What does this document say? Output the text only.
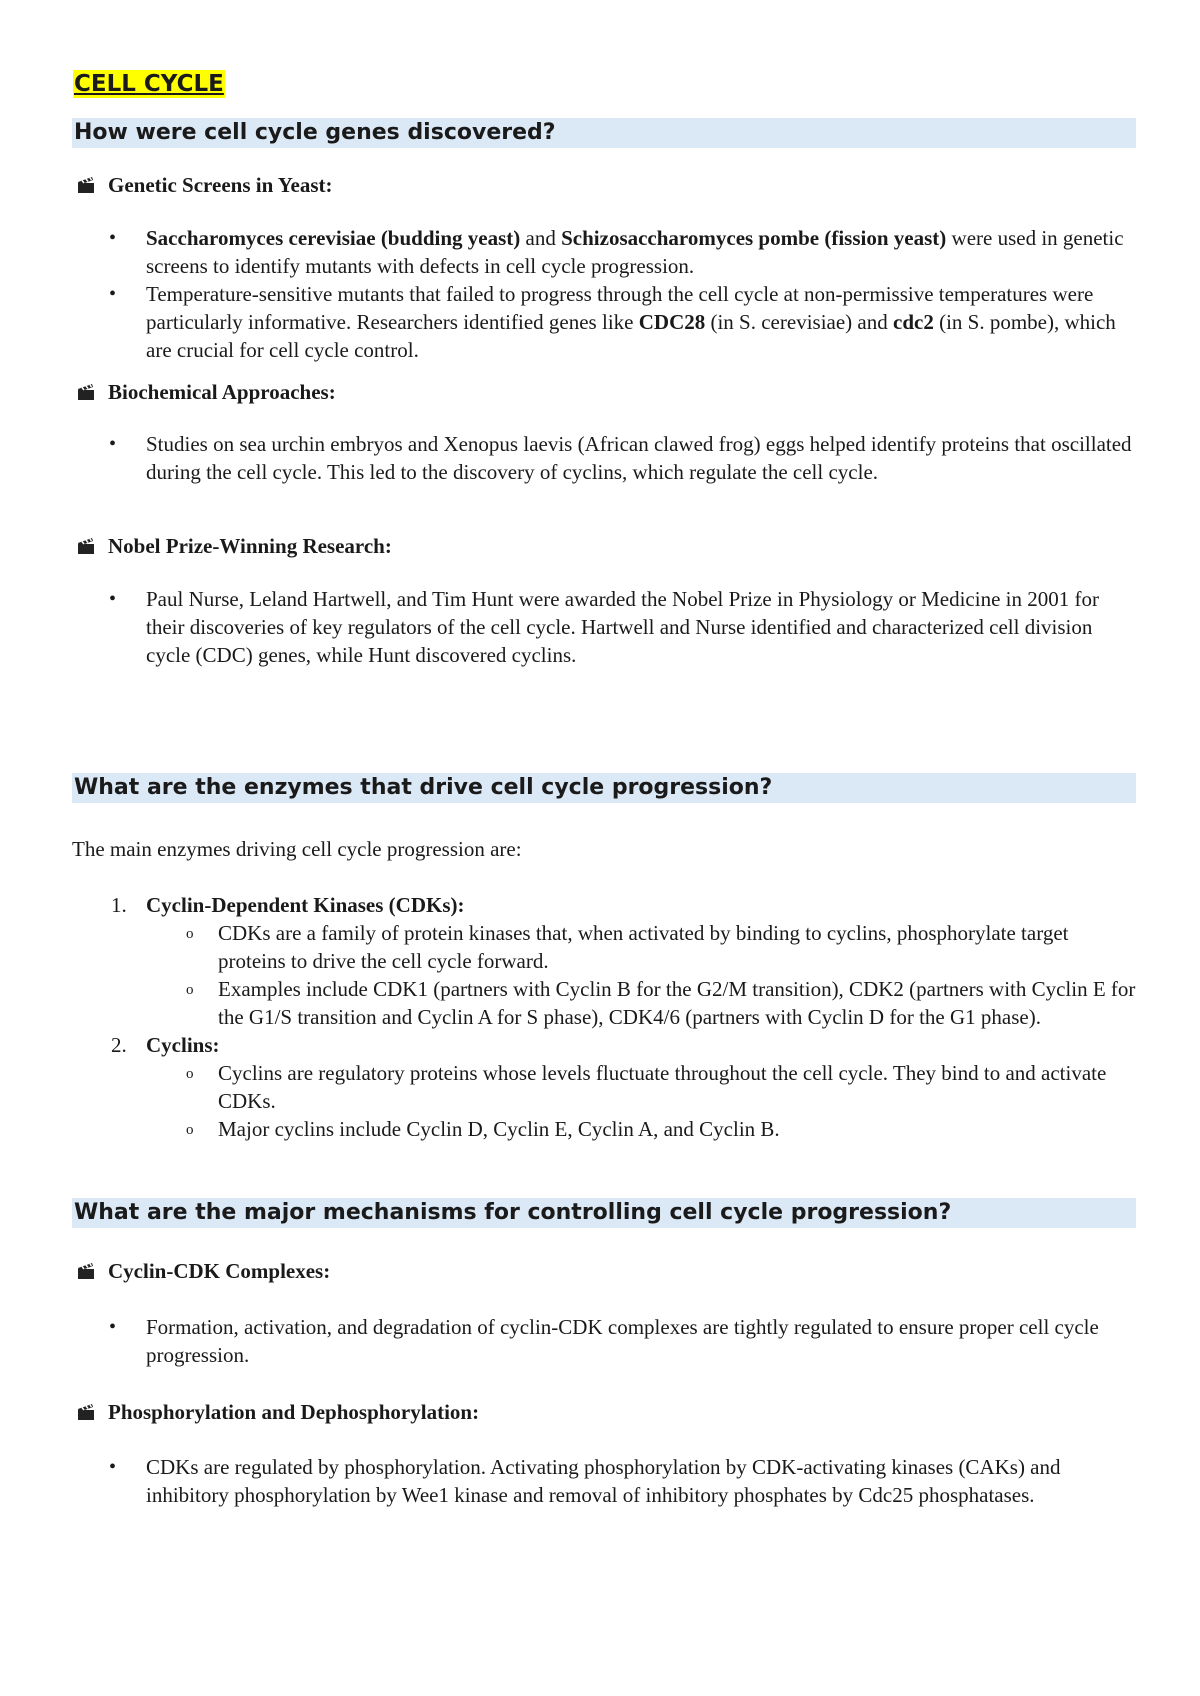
CELL CYCLE
How were cell cycle genes discovered?
Genetic Screens in Yeast:
• Saccharomyces cerevisiae (budding yeast) and Schizosaccharomyces pombe (fission yeast) were used in genetic screens to identify mutants with defects in cell cycle progression.
• Temperature-sensitive mutants that failed to progress through the cell cycle at non-permissive temperatures were particularly informative. Researchers identified genes like CDC28 (in S. cerevisiae) and cdc2 (in S. pombe), which are crucial for cell cycle control.
Biochemical Approaches:
• Studies on sea urchin embryos and Xenopus laevis (African clawed frog) eggs helped identify proteins that oscillated during the cell cycle. This led to the discovery of cyclins, which regulate the cell cycle.
Nobel Prize-Winning Research:
• Paul Nurse, Leland Hartwell, and Tim Hunt were awarded the Nobel Prize in Physiology or Medicine in 2001 for their discoveries of key regulators of the cell cycle. Hartwell and Nurse identified and characterized cell division cycle (CDC) genes, while Hunt discovered cyclins.
What are the enzymes that drive cell cycle progression?
The main enzymes driving cell cycle progression are:
1. Cyclin-Dependent Kinases (CDKs):
o CDKs are a family of protein kinases that, when activated by binding to cyclins, phosphorylate target proteins to drive the cell cycle forward.
o Examples include CDK1 (partners with Cyclin B for the G2/M transition), CDK2 (partners with Cyclin E for the G1/S transition and Cyclin A for S phase), CDK4/6 (partners with Cyclin D for the G1 phase).
2. Cyclins:
o Cyclins are regulatory proteins whose levels fluctuate throughout the cell cycle. They bind to and activate CDKs.
o Major cyclins include Cyclin D, Cyclin E, Cyclin A, and Cyclin B.
What are the major mechanisms for controlling cell cycle progression?
Cyclin-CDK Complexes:
• Formation, activation, and degradation of cyclin-CDK complexes are tightly regulated to ensure proper cell cycle progression.
Phosphorylation and Dephosphorylation:
• CDKs are regulated by phosphorylation. Activating phosphorylation by CDK-activating kinases (CAKs) and inhibitory phosphorylation by Wee1 kinase and removal of inhibitory phosphates by Cdc25 phosphatases.
